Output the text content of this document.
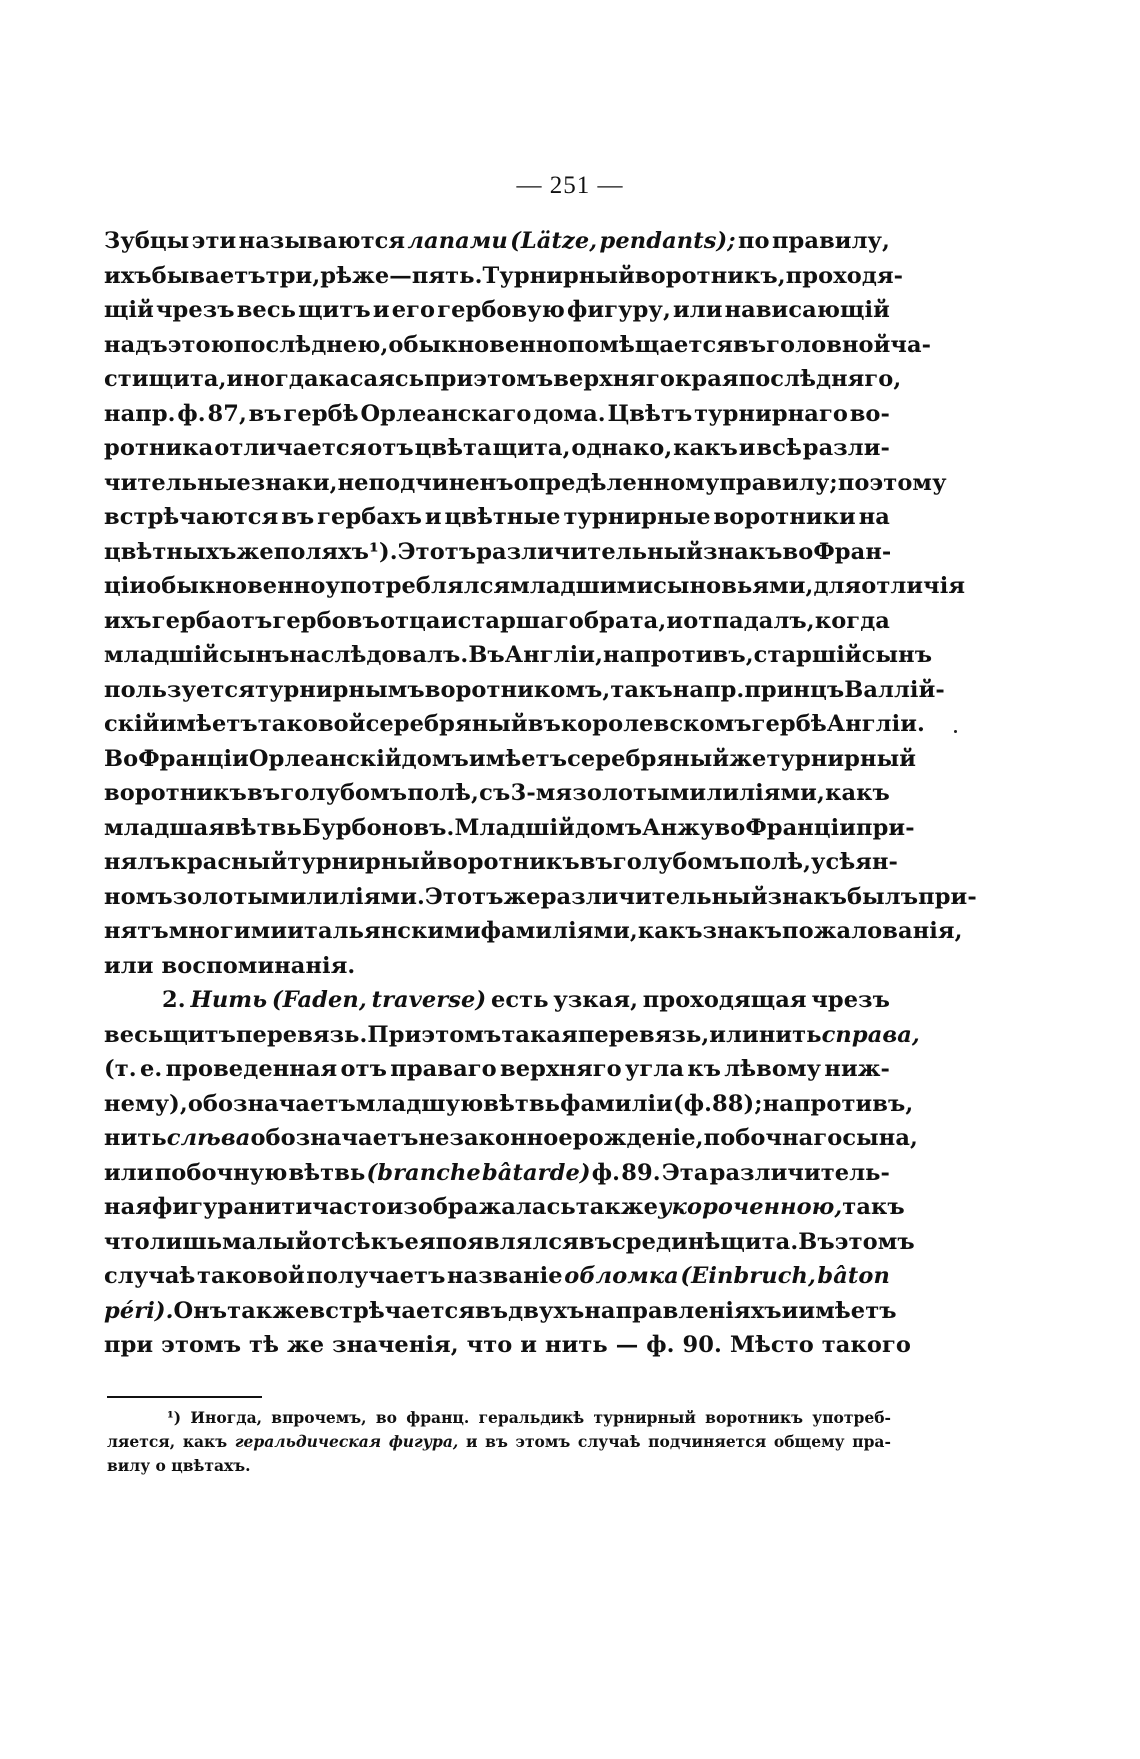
— 251 —
Зубцы эти называются лапами (Lätze, pendants); по правилу,
ихъ бываетъ три, рѣже—пять. Турнирный воротникъ, проходя-
щій чрезъ весь щитъ и его гербовую фигуру, или нависающій
надъ этою послѣднею, обыкновенно помѣщается въ головной ча-
сти щита, иногда касаясь при этомъ верхняго края послѣдняго,
напр. ф. 87, въ гербѣ Орлеанскаго дома. Цвѣтъ турнирнаго во-
ротника отличается отъ цвѣта щита, однако, какъ и всѣ разли-
чительные знаки, не подчиненъ опредѣленному правилу; поэтому
встрѣчаются въ гербахъ и цвѣтные турнирные воротники на
цвѣтныхъ же поляхъ ¹). Этотъ различительный знакъ во Фран-
ціи обыкновенно употреблялся младшими сыновьями, для отличія
ихъ герба отъ гербовъ отца и старшаго брата, и отпадалъ, когда
младшій сынъ наслѣдовалъ. Въ Англіи, напротивъ, старшій сынъ
пользуется турнирнымъ воротникомъ, такъ напр. принцъ Валлій-
скій имѣетъ таковой серебряный въ королевскомъ гербѣ Англіи.
Во Франціи Орлеанскій домъ имѣетъ серебряный же турнирный
воротникъ въ голубомъ полѣ, съ 3-мя золотыми лиліями, какъ
младшая вѣтвь Бурбоновъ. Младшій домъ Анжу во Франціи при-
нялъ красный турнирный воротникъ въ голубомъ полѣ, усѣян-
номъ золотыми лиліями. Этотъ же различительный знакъ былъ при-
нятъ многими итальянскими фамиліями, какъ знакъ пожалованія,
или воспоминанія.
2. Нить (Faden, traverse) есть узкая, проходящая чрезъ
весь щитъ перевязь. При этомъ такая перевязь, или нить справа,
(т. е. проведенная отъ праваго верхняго угла къ лѣвому ниж-
нему), обозначаетъ младшую вѣтвь фамиліи (ф. 88); напротивъ,
нить слѣва обозначаетъ незаконное рожденіе, побочнаго сына,
или побочную вѣтвь (branche bâtarde) ф. 89. Эта различитель-
ная фигура нити часто изображалась также укороченною, такъ
что лишь малый отсѣкъ ея появлялся въ срединѣ щита. Въ этомъ
случаѣ таковой получаетъ названіе обломка (Einbruch, bâton
péri). Онъ также встрѣчается въ двухъ направленіяхъ и имѣетъ
при этомъ тѣ же значенія, что и нить — ф. 90. Мѣсто такого
¹) Иногда, впрочемъ, во франц. геральдикѣ турнирный воротникъ употреб-
ляется, какъ геральдическая фигура, и въ этомъ случаѣ подчиняется общему пра-
вилу о цвѣтахъ.
